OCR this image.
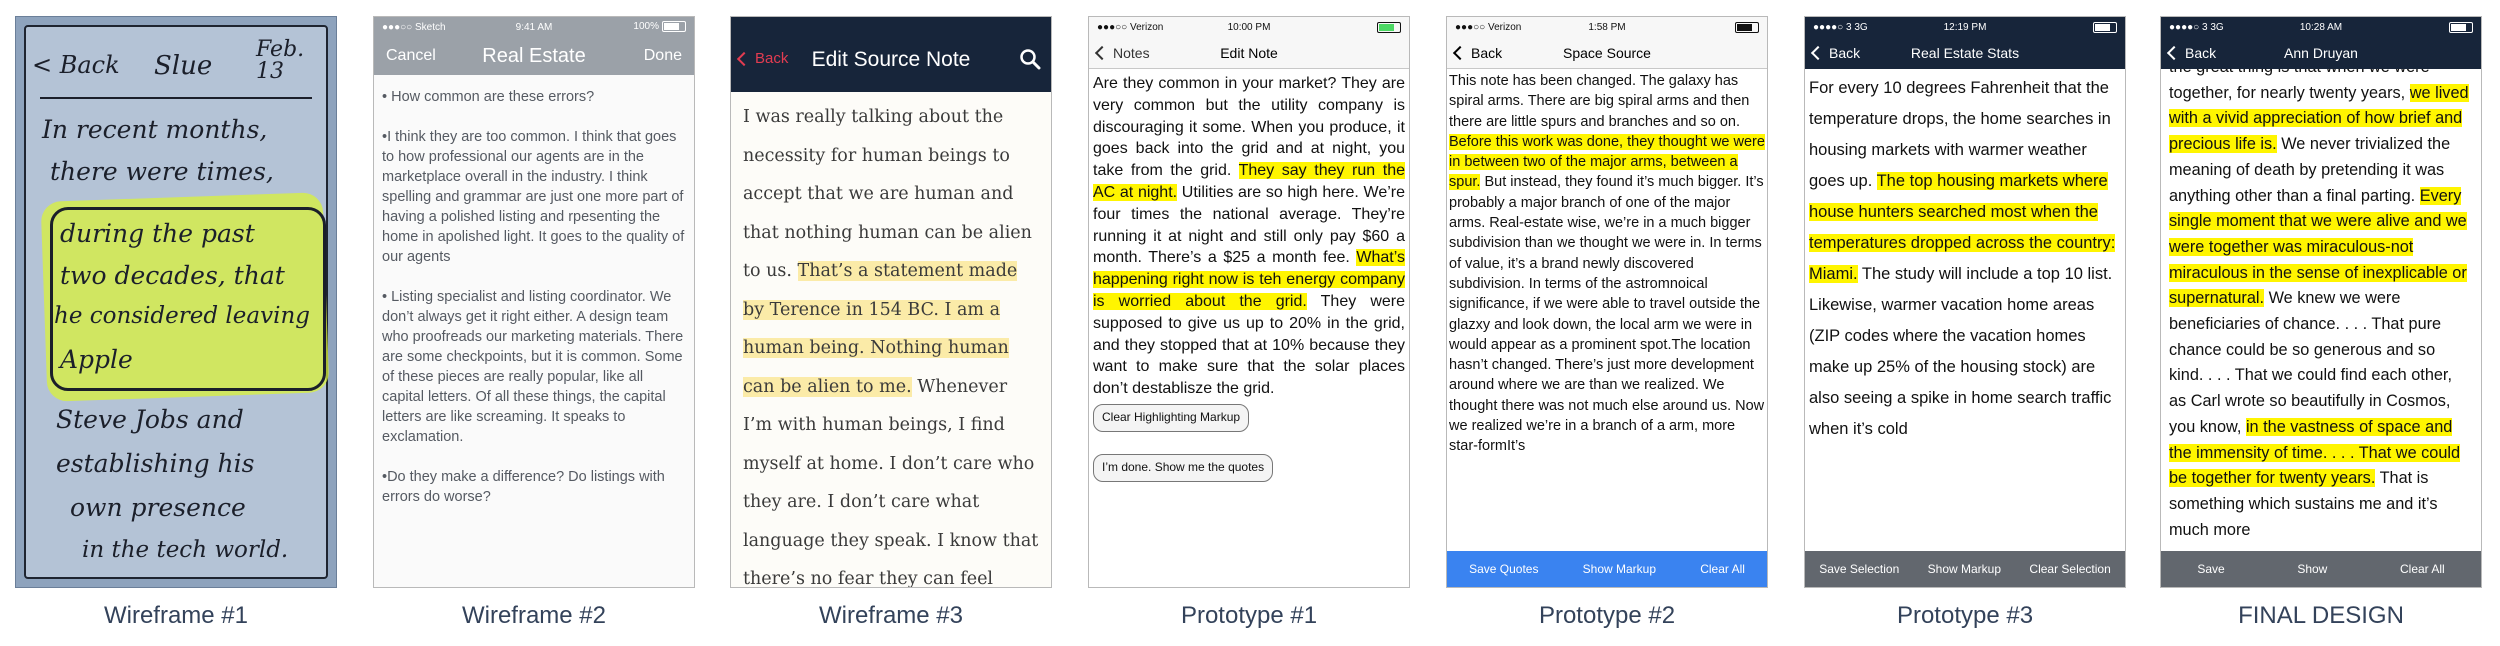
< Back Slue
Feb. 13
In recent months,
there were times,
during the past
two decades, that
he considered leaving
Apple
Steve Jobs and
establishing his
own presence
in the tech world.
Wireframe #1
●●●○○ Sketch	9:41 AM	100%
Cancel	Real Estate	Done

• How common are these errors?

•I think they are too common. I think that goes to how professional our agents are in the marketplace overall in the industry. I think spelling and grammar are just one more part of having a polished listing and rpesenting the home in apolished light. It goes to the quality of our agents

• Listing specialist and listing coordinator. We don’t always get it right either. A design team who proofreads our marketing materials. There are some checkpoints, but it is common. Some of these pieces are really popular, like all capital letters. Of all these things, the capital letters are like screaming. It speaks to exclamation.

•Do they make a difference? Do listings with errors do worse?

Wireframe #2
Back	Edit Source Note
I was really talking about the necessity for human beings to accept that we are human and that nothing human can be alien to us. That’s a statement made by Terence in 154 BC. I am a human being. Nothing human can be alien to me. Whenever I’m with human beings, I find myself at home. I don’t care who they are. I don’t care what language they speak. I know that there’s no fear they can feel
Wireframe #3
●●●○○ Verizon	10:00 PM
Notes	Edit Note
Are they common in your market? They are very common but the utility company is discouraging it some. When you produce, it goes back into the grid and at night, you take from the grid. They say they run the AC at night. Utilities are so high here. We’re four times the national average. They’re running it at night and still only pay $60 a month. There’s a $25 a month fee. What’s happening right now is teh energy company is worried about the grid. They were supposed to give us up to 20% in the grid, and they stopped that at 10% because they want to make sure that the solar places don’t destablisze the grid.
Clear Highlighting Markup
I’m done. Show me the quotes
Prototype #1
●●●○○ Verizon	1:58 PM
Back	Space Source
This note has been changed. The galaxy has spiral arms. There are big spiral arms and then there are little spurs and branches and so on. Before this work was done, they thought we were in between two of the major arms, between a spur. But instead, they found it’s much bigger. It’s probably a major branch of one of the major arms. Real-estate wise, we’re in a much bigger subdivision than we thought we were in. In terms of value, it’s a brand newly discovered subdivision. In terms of the astromnoical significance, if we were able to travel outside the glazxy and look down, the local arm we were in would appear as a prominent spot.The location hasn’t changed. There’s just more development around where we are than we realized. We thought there was not much else around us. Now we realized we’re in a branch of a arm, more star-formIt’s
Save Quotes	Show Markup	Clear All
Prototype #2
●●●●○ 3 3G	12:19 PM
Back	Real Estate Stats
For every 10 degrees Fahrenheit that the temperature drops, the home searches in housing markets with warmer weather goes up. The top housing markets where house hunters searched most when the temperatures dropped across the country: Miami. The study will include a top 10 list. Likewise, warmer vacation home areas (ZIP codes where the vacation homes make up 25% of the housing stock) are also seeing a spike in home search traffic when it’s cold
Save Selection Show Markup Clear Selection
Prototype #3
●●●●○ 3 3G	10:28 AM
Back	Ann Druyan
together, for nearly twenty years, we lived with a vivid appreciation of how brief and precious life is. We never trivialized the meaning of death by pretending it was anything other than a final parting. Every single moment that we were alive and we were together was miraculous-not miraculous in the sense of inexplicable or supernatural. We knew we were beneficiaries of chance. . . . That pure chance could be so generous and so kind. . . . That we could find each other, as Carl wrote so beautifully in Cosmos, you know, in the vastness of space and the immensity of time. . . . That we could be together for twenty years. That is something which sustains me and it’s much more
Save	Show	Clear All
FINAL DESIGN
